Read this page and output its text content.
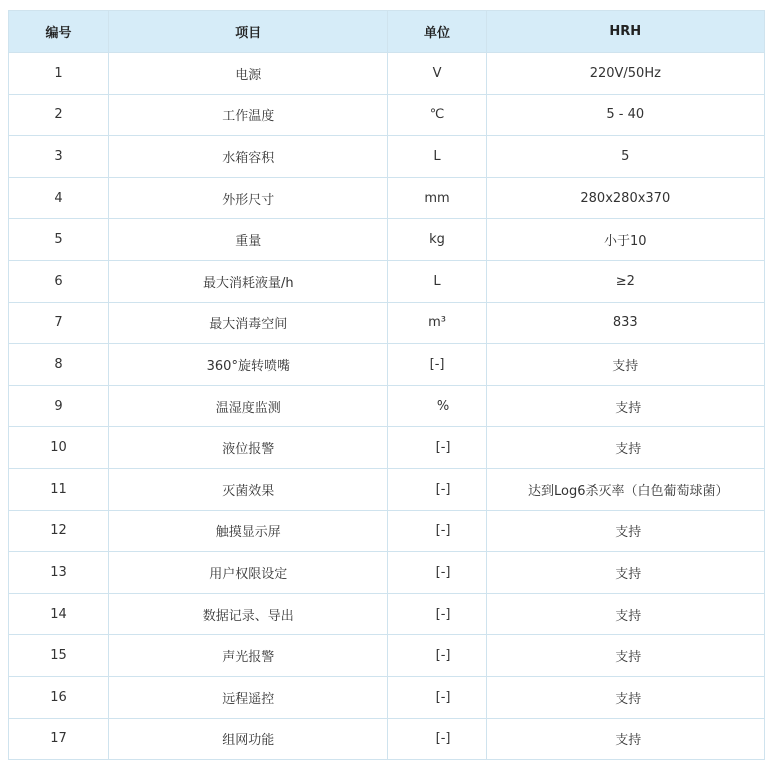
编号	项目	单位	HRH
1	电源	V	220V/50Hz
2	工作温度	℃	5 - 40
3	水箱容积	L	5
4	外形尺寸	mm	280x280x370
5	重量	kg	小于10
6	最大消耗液量/h	L	≥2
7	最大消毒空间	m³	833
8	360°旋转喷嘴	[-]	支持
9	温湿度监测	%	支持
10	液位报警	[-]	支持
11	灭菌效果	[-]	达到Log6杀灭率（白色葡萄球菌）
12	触摸显示屏	[-]	支持
13	用户权限设定	[-]	支持
14	数据记录、导出	[-]	支持
15	声光报警	[-]	支持
16	远程遥控	[-]	支持
17	组网功能	[-]	支持
